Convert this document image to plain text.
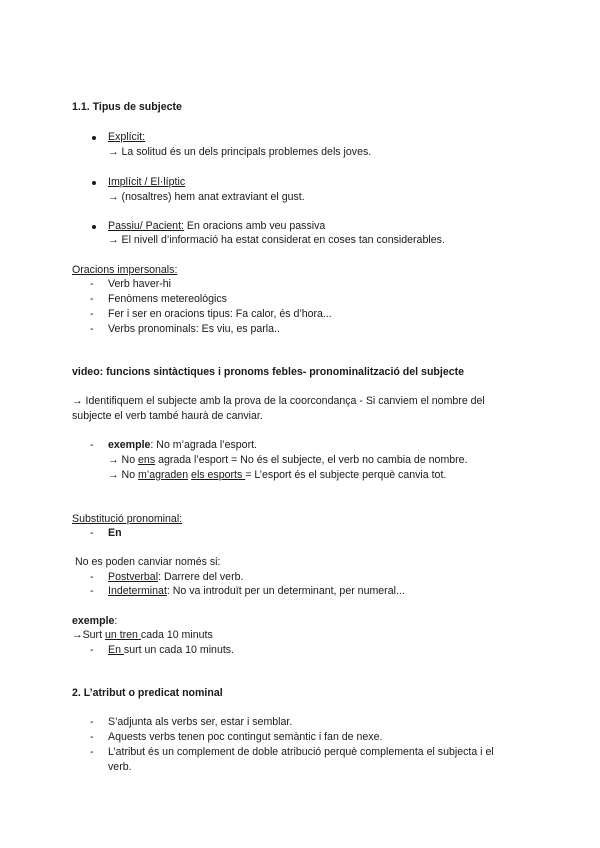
1.1. Tipus de subjecte
Explícit:
→ La solitud és un dels principals problemes dels joves.
Implícit / El·líptic
→ (nosaltres) hem anat extraviant el gust.
Passiu/ Pacient: En oracions amb veu passiva
→ El nivell d’informació ha estat considerat en coses tan considerables.
Oracions impersonals:
- Verb haver-hi
- Fenòmens metereològics
- Fer i ser en oracions tipus: Fa calor, és d’hora...
- Verbs pronominals: Es viu, es parla..
video: funcions sintàctiques i pronoms febles- pronominalització del subjecte
→ Identifiquem el subjecte amb la prova de la coorcondança - Si canviem el nombre del
subjecte el verb també haurà de canviar.
- exemple: No m’agrada l’esport.
→ No ens agrada l’esport = No és el subjecte, el verb no cambia de nombre.
→ No m’agraden els esports = L’esport és el subjecte perquè canvia tot.
Substitució pronominal:
- En
No es poden canviar només si:
- Postverbal: Darrere del verb.
- Indeterminat: No va introduït per un determinant, per numeral...
exemple:
→Surt un tren cada 10 minuts
- En surt un cada 10 minuts.
2. L’atribut o predicat nominal
- S’adjunta als verbs ser, estar i semblar.
- Aquests verbs tenen poc contingut semàntic i fan de nexe.
- L’atribut és un complement de doble atribució perquè complementa el subjecta i el
verb.
